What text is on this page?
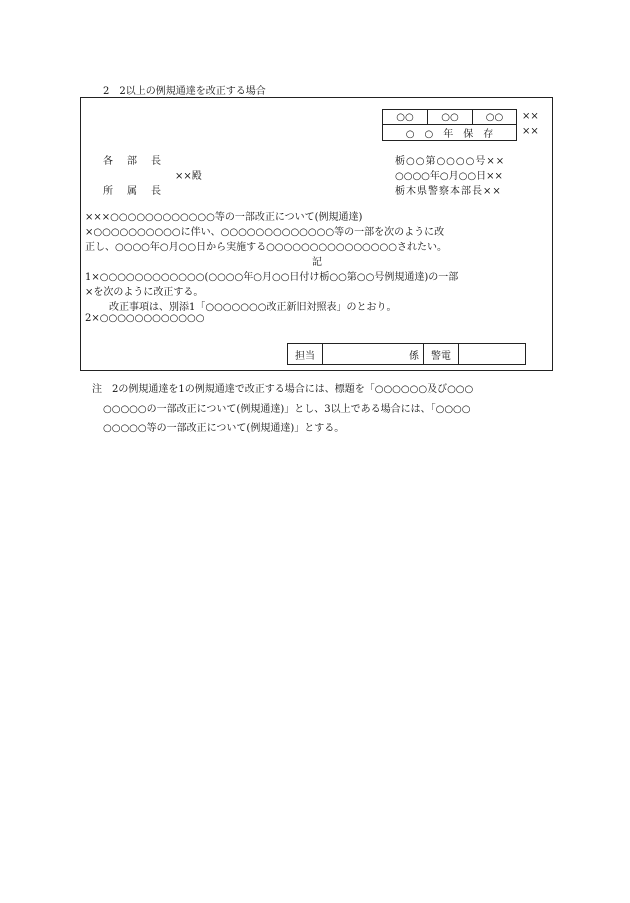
2　2以上の例規通達を改正する場合
○○	○○	○○
○　○　年　保　存
××
××
各　部　長
××殿
所　属　長
栃○○第○○○○号××
○○○○年○月○○日××
栃木県警察本部長××
×××○○○○○○○○○○○○等の一部改正について(例規通達)
×○○○○○○○○○○に伴い、○○○○○○○○○○○○○等の一部を次のように改
正し、○○○○年○月○○日から実施する○○○○○○○○○○○○○○○されたい。
記
1×○○○○○○○○○○○○(○○○○年○月○○日付け栃○○第○○号例規通達)の一部
×を次のように改正する。
改正事項は、別添1「○○○○○○○改正新旧対照表」のとおり。
2×○○○○○○○○○○○○
担当	係	警電	
注　2の例規通達を1の例規通達で改正する場合には、標題を「○○○○○○及び○○○
○○○○○の一部改正について(例規通達)」とし、3以上である場合には、「○○○○
○○○○○等の一部改正について(例規通達)」とする。
